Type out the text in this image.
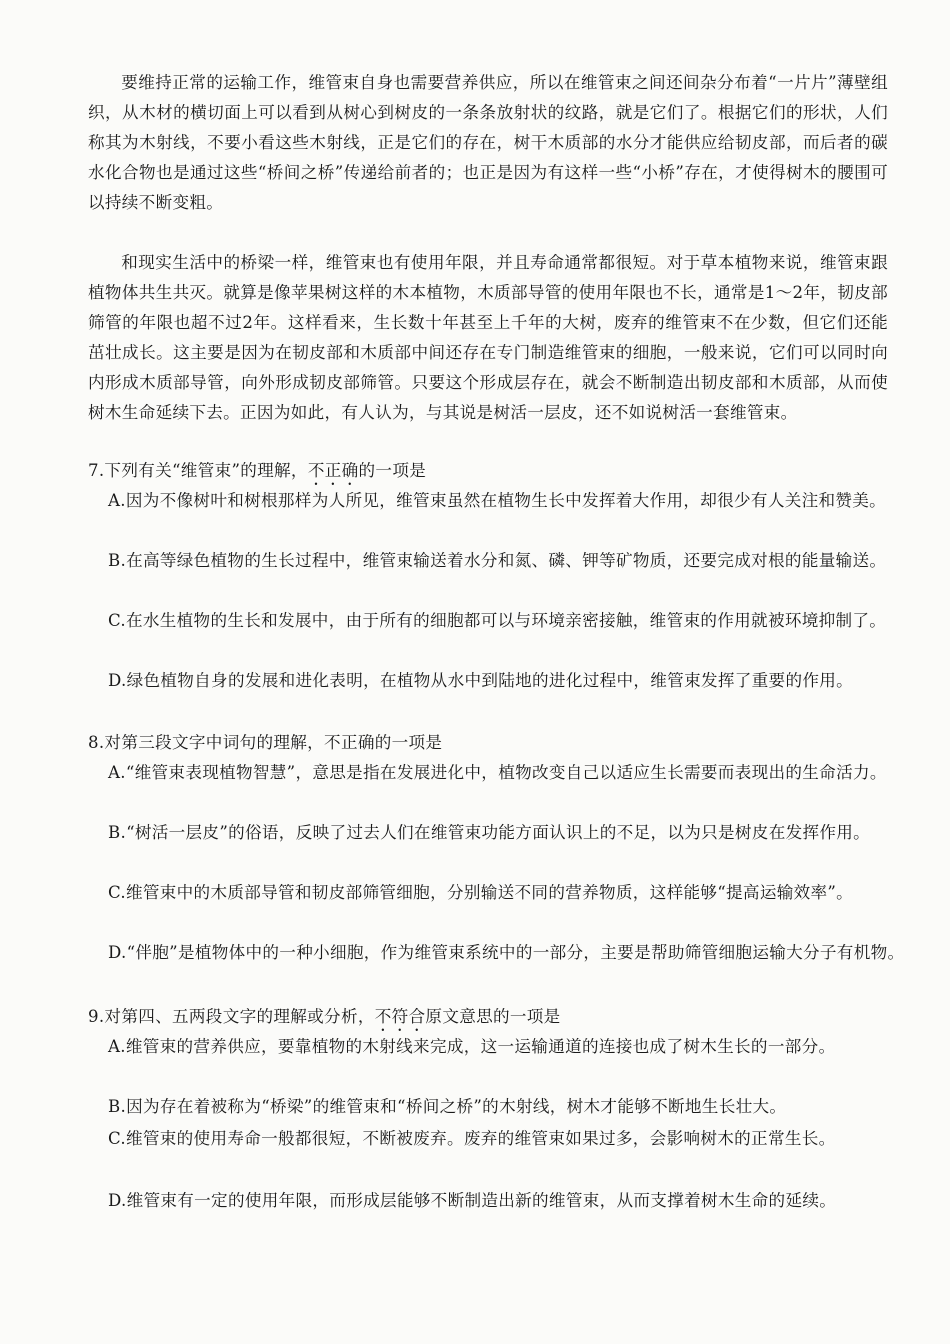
要维持正常的运输工作，维管束自身也需要营养供应，所以在维管束之间还间杂分布着“一片片”薄壁组织，从木材的横切面上可以看到从树心到树皮的一条条放射状的纹路，就是它们了。根据它们的形状，人们称其为木射线，不要小看这些木射线，正是它们的存在，树干木质部的水分才能供应给韧皮部，而后者的碳水化合物也是通过这些“桥间之桥”传递给前者的；也正是因为有这样一些“小桥”存在，才使得树木的腰围可以持续不断变粗。

和现实生活中的桥梁一样，维管束也有使用年限，并且寿命通常都很短。对于草本植物来说，维管束跟植物体共生共灭。就算是像苹果树这样的木本植物，木质部导管的使用年限也不长，通常是1～2年，韧皮部筛管的年限也超不过2年。这样看来，生长数十年甚至上千年的大树，废弃的维管束不在少数，但它们还能茁壮成长。这主要是因为在韧皮部和木质部中间还存在专门制造维管束的细胞，一般来说，它们可以同时向内形成木质部导管，向外形成韧皮部筛管。只要这个形成层存在，就会不断制造出韧皮部和木质部，从而使树木生命延续下去。正因为如此，有人认为，与其说是树活一层皮，还不如说树活一套维管束。

7.下列有关“维管束”的理解，不正确的一项是
A.因为不像树叶和树根那样为人所见，维管束虽然在植物生长中发挥着大作用，却很少有人关注和赞美。
B.在高等绿色植物的生长过程中，维管束输送着水分和氮、磷、钾等矿物质，还要完成对根的能量输送。
C.在水生植物的生长和发展中，由于所有的细胞都可以与环境亲密接触，维管束的作用就被环境抑制了。
D.绿色植物自身的发展和进化表明，在植物从水中到陆地的进化过程中，维管束发挥了重要的作用。
8.对第三段文字中词句的理解，不正确的一项是
A.“维管束表现植物智慧”，意思是指在发展进化中，植物改变自己以适应生长需要而表现出的生命活力。
B.“树活一层皮”的俗语，反映了过去人们在维管束功能方面认识上的不足，以为只是树皮在发挥作用。
C.维管束中的木质部导管和韧皮部筛管细胞，分别输送不同的营养物质，这样能够“提高运输效率”。
D.“伴胞”是植物体中的一种小细胞，作为维管束系统中的一部分，主要是帮助筛管细胞运输大分子有机物。
9.对第四、五两段文字的理解或分析，不符合原文意思的一项是
A.维管束的营养供应，要靠植物的木射线来完成，这一运输通道的连接也成了树木生长的一部分。
B.因为存在着被称为“桥梁”的维管束和“桥间之桥”的木射线，树木才能够不断地生长壮大。
C.维管束的使用寿命一般都很短，不断被废弃。废弃的维管束如果过多，会影响树木的正常生长。
D.维管束有一定的使用年限，而形成层能够不断制造出新的维管束，从而支撑着树木生命的延续。
